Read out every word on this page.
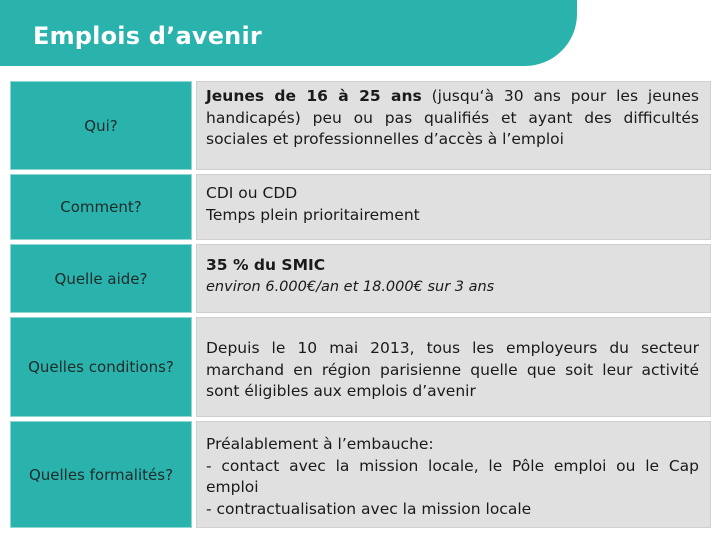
Emplois d’avenir
Qui?
Jeunes de 16 à 25 ans (jusqu‘à 30 ans pour les jeunes handicapés) peu ou pas qualifiés et ayant des difficultés sociales et professionnelles d’accès à l’emploi
Comment?
CDI ou CDD
Temps plein prioritairement
Quelle aide?
35 % du SMIC
environ 6.000€/an et 18.000€ sur 3 ans
Quelles conditions?
Depuis le 10 mai 2013, tous les employeurs du secteur marchand en région parisienne quelle que soit leur activité sont éligibles aux emplois d’avenir
Quelles formalités?
Préalablement à l’embauche:
- contact avec la mission locale, le Pôle emploi ou le Cap emploi
- contractualisation avec la mission locale
